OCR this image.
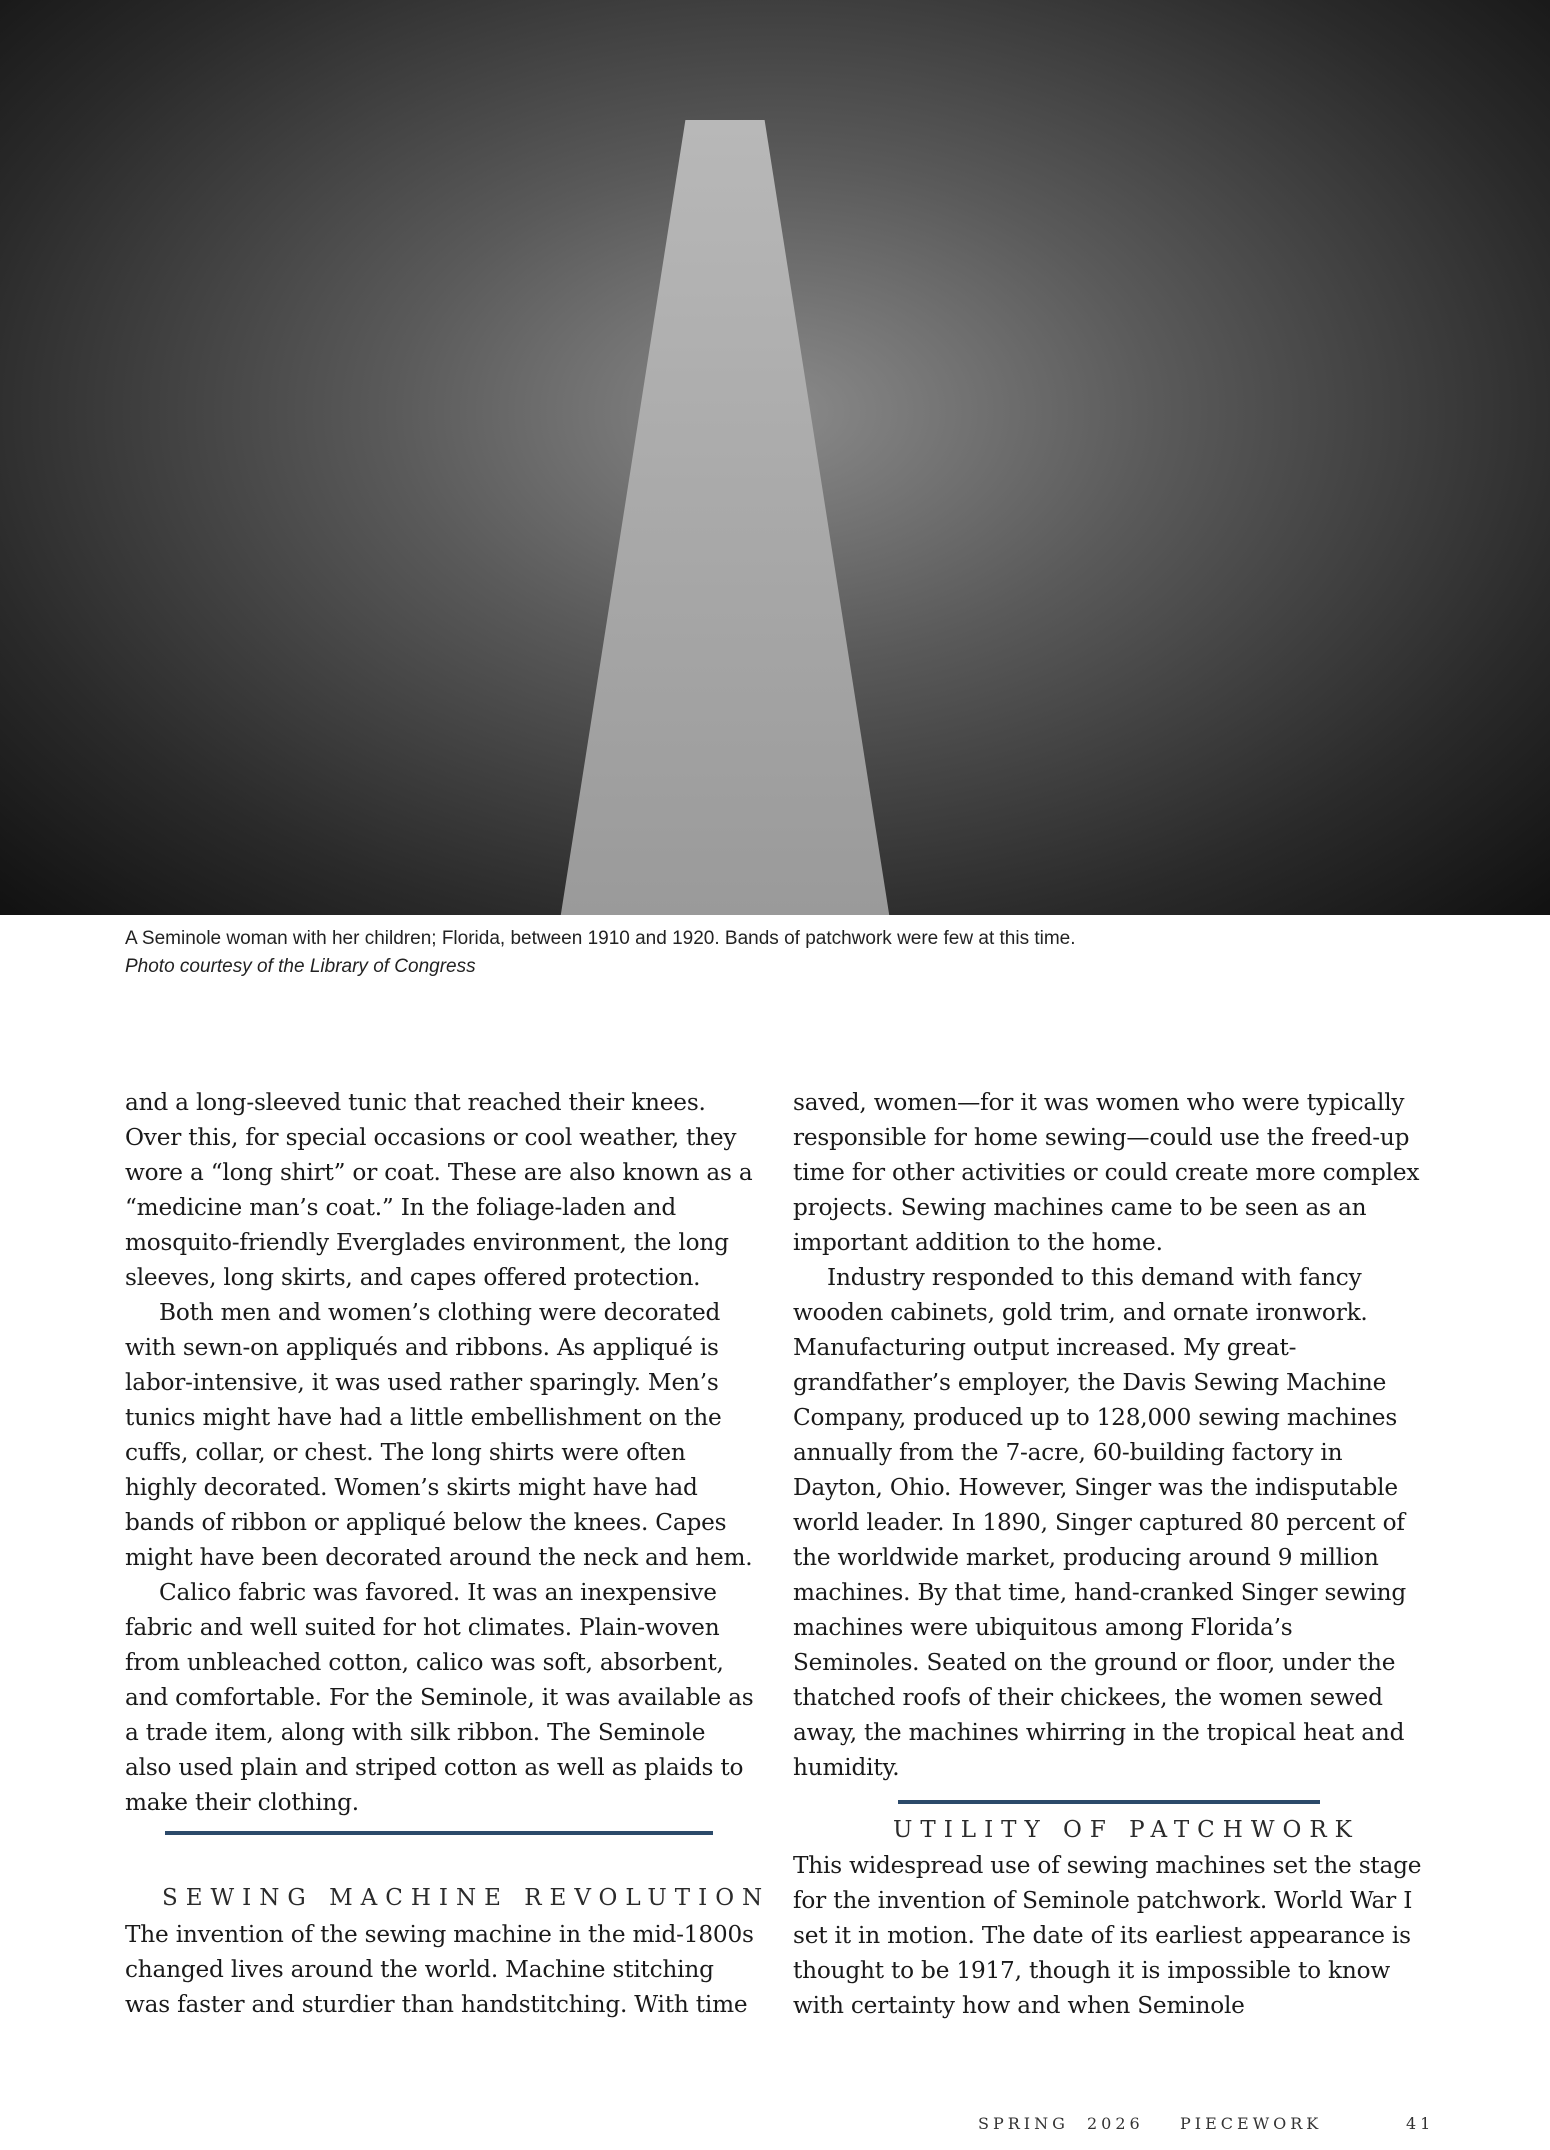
A Seminole woman with her children; Florida, between 1910 and 1920. Bands of patchwork were few at this time.
Photo courtesy of the Library of Congress

and a long-sleeved tunic that reached their knees. Over this, for special occasions or cool weather, they wore a “long shirt” or coat. These are also known as a “medicine man’s coat.” In the foliage-laden and mosquito-friendly Everglades environment, the long sleeves, long skirts, and capes offered protection.

Both men and women’s clothing were decorated with sewn-on appliqués and ribbons. As appliqué is labor-intensive, it was used rather sparingly. Men’s tunics might have had a little embellishment on the cuffs, collar, or chest. The long shirts were often highly decorated. Women’s skirts might have had bands of ribbon or appliqué below the knees. Capes might have been decorated around the neck and hem.

Calico fabric was favored. It was an inexpensive fabric and well suited for hot climates. Plain-woven from unbleached cotton, calico was soft, absorbent, and comfortable. For the Seminole, it was available as a trade item, along with silk ribbon. The Seminole also used plain and striped cotton as well as plaids to make their clothing.

SEWING MACHINE REVOLUTION

The invention of the sewing machine in the mid-1800s changed lives around the world. Machine stitching was faster and sturdier than handstitching. With time

saved, women—for it was women who were typically responsible for home sewing—could use the freed-up time for other activities or could create more complex projects. Sewing machines came to be seen as an important addition to the home.

Industry responded to this demand with fancy wooden cabinets, gold trim, and ornate ironwork. Manufacturing output increased. My great-grandfather’s employer, the Davis Sewing Machine Company, produced up to 128,000 sewing machines annually from the 7-acre, 60-building factory in Dayton, Ohio. However, Singer was the indisputable world leader. In 1890, Singer captured 80 percent of the worldwide market, producing around 9 million machines. By that time, hand-cranked Singer sewing machines were ubiquitous among Florida’s Seminoles. Seated on the ground or floor, under the thatched roofs of their chickees, the women sewed away, the machines whirring in the tropical heat and humidity.

UTILITY OF PATCHWORK

This widespread use of sewing machines set the stage for the invention of Seminole patchwork. World War I set it in motion. The date of its earliest appearance is thought to be 1917, though it is impossible to know with certainty how and when Seminole

SPRING 2026 PIECEWORK	41
